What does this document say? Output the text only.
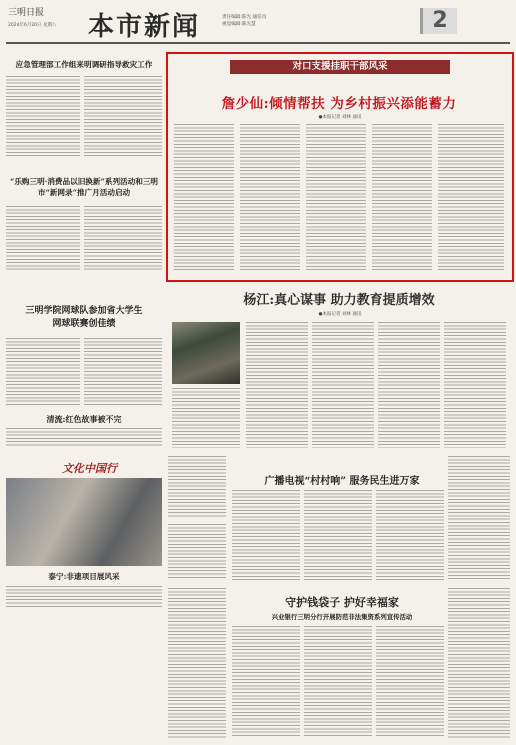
三明日报
2024年6月20日 星期八 本市新闻	责任编辑:陈光 通信员
视觉编辑:陈光慧	2
应急管理部工作组来明调研指导救灾工作
“乐购三明·消费品以旧换新”系列活动和三明市“新网录”推广月活动启动
三明学院网球队参加省大学生网球联赛创佳绩
清流:红色故事被不完
文化中国行
泰宁:非遗项目展风采
对口支援挂职干部风采
詹少仙:倾情帮扶 为乡村振兴添能蓄力
●本报记者 刘林 通讯
杨江:真心谋事 助力教育提质增效
●本报记者 刘林 通讯
广播电视“村村响” 服务民生进万家
守护钱袋子 护好幸福家
兴业银行三明分行开展防范非法集资系列宣传活动
